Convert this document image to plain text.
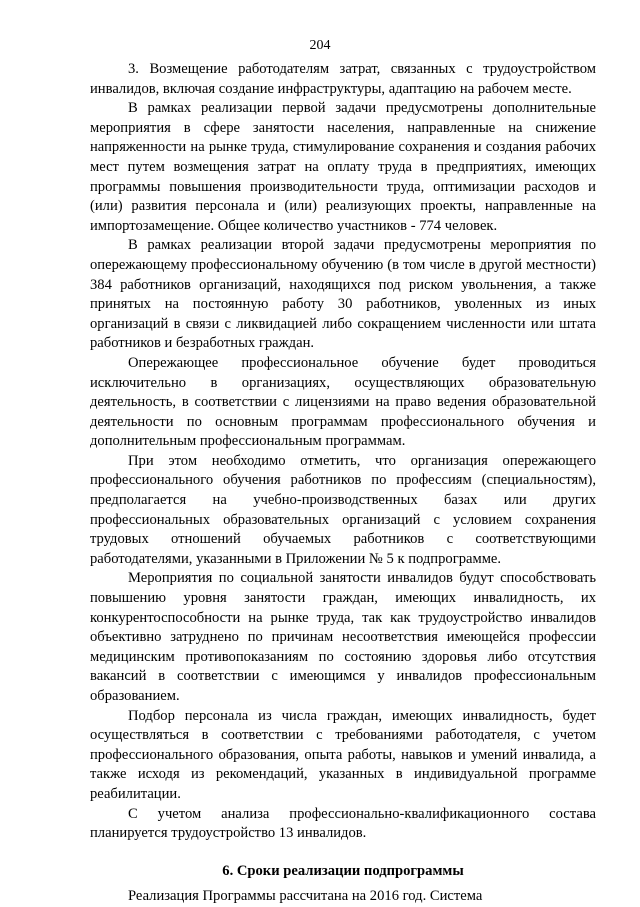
204

3. Возмещение работодателям затрат, связанных с трудоустройством инвалидов, включая создание инфраструктуры, адаптацию на рабочем месте.

В рамках реализации первой задачи предусмотрены дополнительные мероприятия в сфере занятости населения, направленные на снижение напряженности на рынке труда, стимулирование сохранения и создания рабочих мест путем возмещения затрат на оплату труда в предприятиях, имеющих программы повышения производительности труда, оптимизации расходов и (или) развития персонала и (или) реализующих проекты, направленные на импортозамещение. Общее количество участников - 774 человек.

В рамках реализации второй задачи предусмотрены мероприятия по опережающему профессиональному обучению (в том числе в другой местности) 384 работников организаций, находящихся под риском увольнения, а также принятых на постоянную работу 30 работников, уволенных из иных организаций в связи с ликвидацией либо сокращением численности или штата работников и безработных граждан.

Опережающее профессиональное обучение будет проводиться исключительно в организациях, осуществляющих образовательную деятельность, в соответствии с лицензиями на право ведения образовательной деятельности по основным программам профессионального обучения и дополнительным профессиональным программам.

При этом необходимо отметить, что организация опережающего профессионального обучения работников по профессиям (специальностям), предполагается на учебно-производственных базах или других профессиональных образовательных организаций с условием сохранения трудовых отношений обучаемых работников с соответствующими работодателями, указанными в Приложении № 5 к подпрограмме.

Мероприятия по социальной занятости инвалидов будут способствовать повышению уровня занятости граждан, имеющих инвалидность, их конкурентоспособности на рынке труда, так как трудоустройство инвалидов объективно затруднено по причинам несоответствия имеющейся профессии медицинским противопоказаниям по состоянию здоровья либо отсутствия вакансий в соответствии с имеющимся у инвалидов профессиональным образованием.

Подбор персонала из числа граждан, имеющих инвалидность, будет осуществляться в соответствии с требованиями работодателя, с учетом профессионального образования, опыта работы, навыков и умений инвалида, а также исходя из рекомендаций, указанных в индивидуальной программе реабилитации.

С учетом анализа профессионально-квалификационного состава планируется трудоустройство 13 инвалидов.

6. Сроки реализации подпрограммы

Реализация Программы рассчитана на 2016 год. Система
